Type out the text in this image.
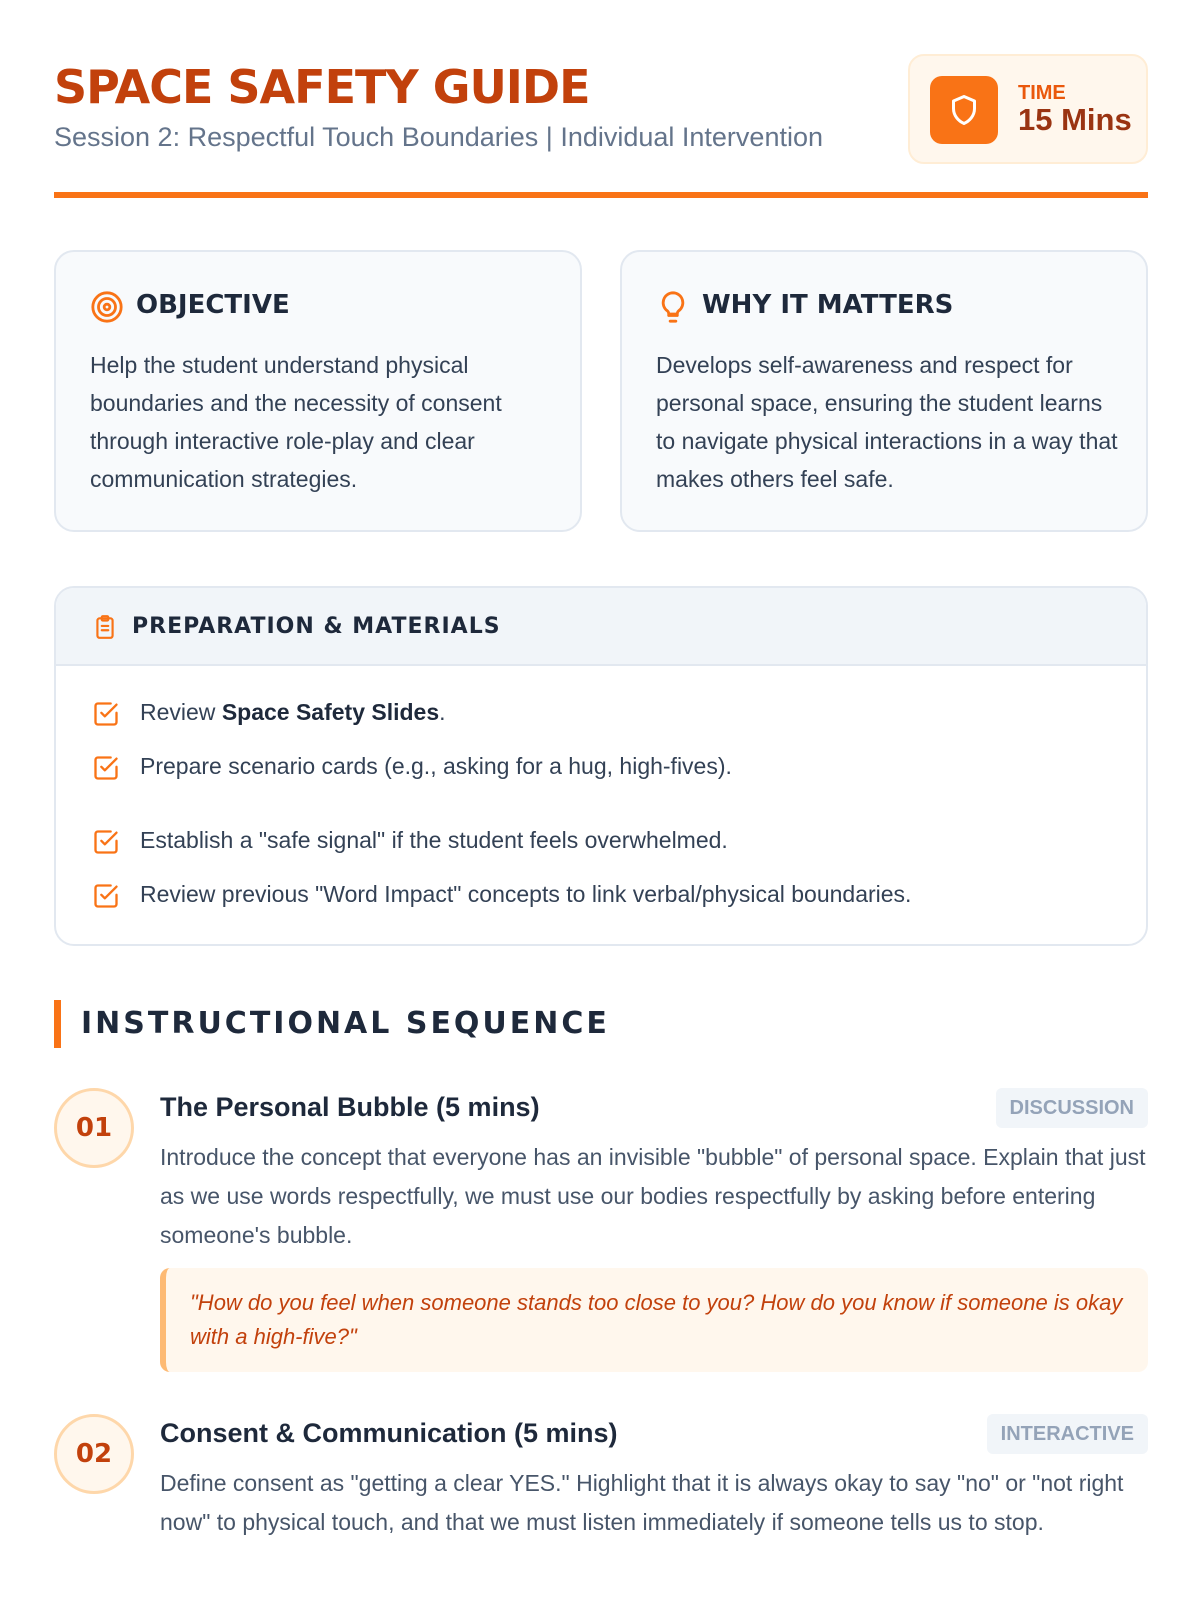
SPACE SAFETY GUIDE
Session 2: Respectful Touch Boundaries | Individual Intervention
TIME
15 Mins
OBJECTIVE
Help the student understand physical boundaries and the necessity of consent through interactive role-play and clear communication strategies.
WHY IT MATTERS
Develops self-awareness and respect for personal space, ensuring the student learns to navigate physical interactions in a way that makes others feel safe.
PREPARATION & MATERIALS
Review Space Safety Slides.
Prepare scenario cards (e.g., asking for a hug, high-fives).
Establish a "safe signal" if the student feels overwhelmed.
Review previous "Word Impact" concepts to link verbal/physical boundaries.
INSTRUCTIONAL SEQUENCE
01
The Personal Bubble (5 mins)	DISCUSSION
Introduce the concept that everyone has an invisible "bubble" of personal space. Explain that just as we use words respectfully, we must use our bodies respectfully by asking before entering someone's bubble.
"How do you feel when someone stands too close to you? How do you know if someone is okay with a high-five?"
02
Consent & Communication (5 mins)	INTERACTIVE
Define consent as "getting a clear YES." Highlight that it is always okay to say "no" or "not right now" to physical touch, and that we must listen immediately if someone tells us to stop.
